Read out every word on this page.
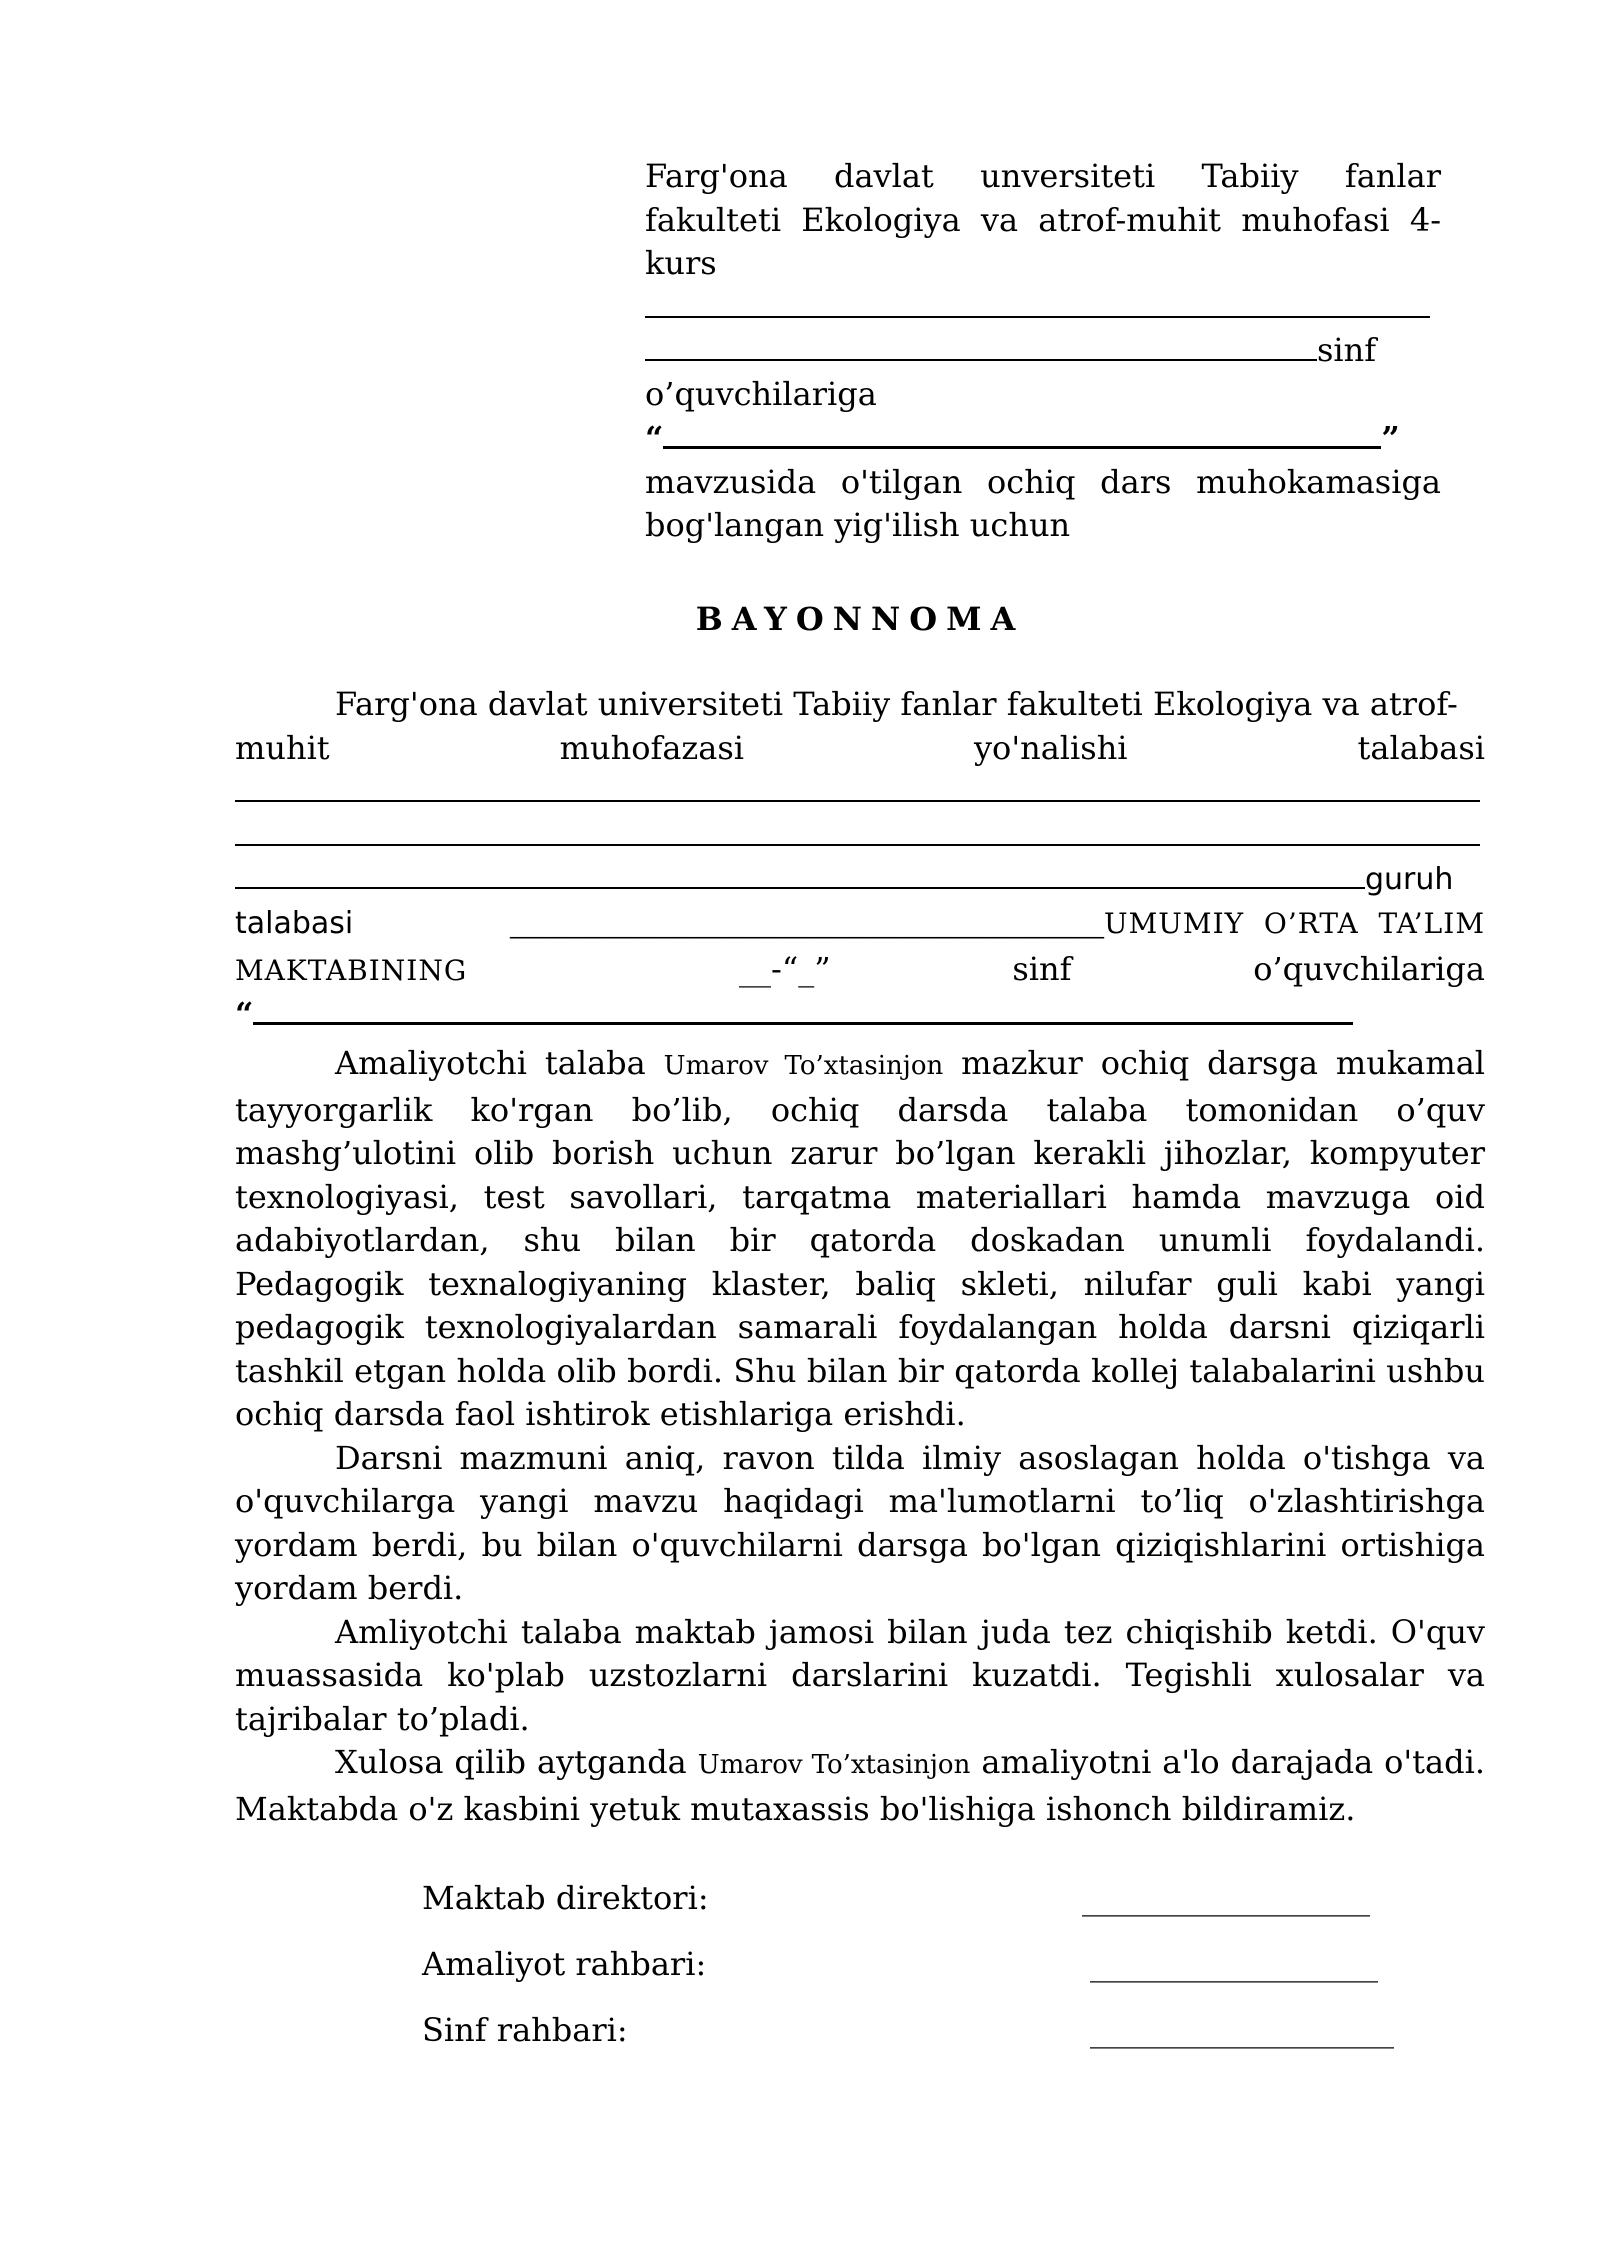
Farg'ona davlat unversiteti Tabiiy fanlar
fakulteti Ekologiya va atrof-muhit muhofasi 4-
kurs
sinf
o’quvchilariga
“	”
mavzusida o'tilgan ochiq dars muhokamasiga
bog'langan yig'ilish uchun
BAYONNOMA
Farg'ona davlat universiteti Tabiiy fanlar fakulteti Ekologiya va atrof-
muhit	muhofazasi	yo'nalishi	talabasi
guruh
talabasi	______________________________________________________ UMUMIY  O’RTA  TA’LIM
MAKTABINING	__-“_”	sinf	o’quvchilariga
“

Amaliyotchi talaba Umarov To’xtasinjon mazkur ochiq darsga mukamal tayyorgarlik ko'rgan bo’lib, ochiq darsda talaba tomonidan o’quv mashg’ulotini olib borish uchun zarur bo’lgan kerakli jihozlar, kompyuter texnologiyasi, test savollari, tarqatma materiallari hamda mavzuga oid adabiyotlardan, shu bilan bir qatorda doskadan unumli foydalandi. Pedagogik texnalogiyaning klaster, baliq skleti, nilufar guli kabi yangi pedagogik texnologiyalardan samarali foydalangan holda darsni qiziqarli tashkil etgan holda olib bordi. Shu bilan bir qatorda kollej talabalarini ushbu ochiq darsda faol ishtirok etishlariga erishdi.

Darsni mazmuni aniq, ravon tilda ilmiy asoslagan holda o'tishga va o'quvchilarga yangi mavzu haqidagi ma'lumotlarni to’liq o'zlashtirishga yordam berdi, bu bilan o'quvchilarni darsga bo'lgan qiziqishlarini ortishiga yordam berdi.

Amliyotchi talaba maktab jamosi bilan juda tez chiqishib ketdi. O'quv muassasida ko'plab uzstozlarni darslarini kuzatdi. Tegishli xulosalar va tajribalar to’pladi.

Xulosa qilib aytganda Umarov To’xtasinjon amaliyotni a'lo darajada o'tadi. Maktabda o'z kasbini yetuk mutaxassis bo'lishiga ishonch bildiramiz.

Maktab direktori:	__________________
Amaliyot rahbari:	__________________
Sinf rahbari:	___________________
